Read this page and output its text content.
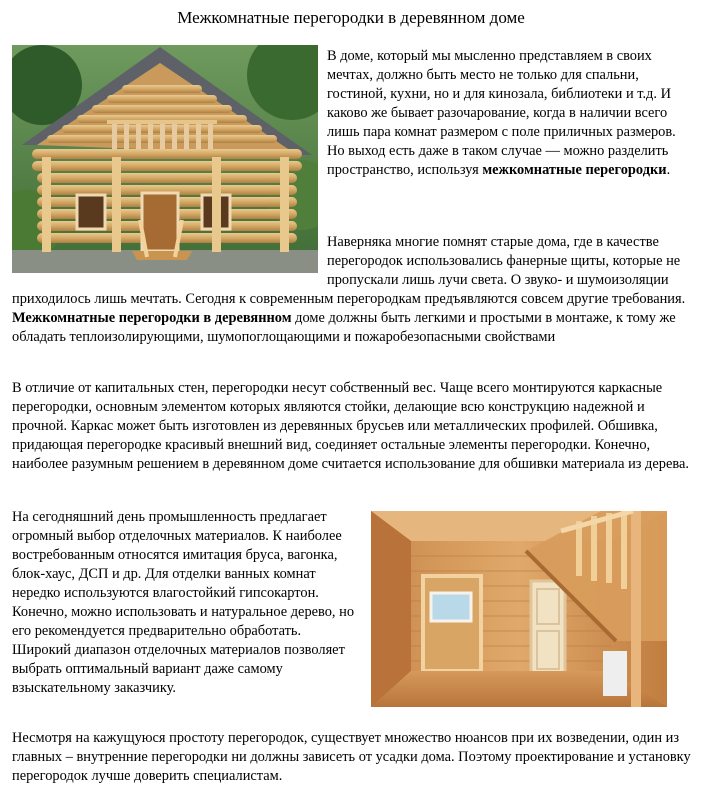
Межкомнатные перегородки в деревянном доме

В доме, который мы мысленно представляем в своих мечтах, должно быть место не только для спальни, гостиной, кухни, но и для кинозала, библиотеки и т.д. И каково же бывает разочарование, когда в наличии всего лишь пара комнат размером с поле приличных размеров. Но выход есть даже в таком случае — можно разделить пространство, используя межкомнатные перегородки.

Наверняка многие помнят старые дома, где в качестве перегородок использовались фанерные щиты, которые не пропускали лишь лучи света. О звуко- и шумоизоляции приходилось лишь мечтать. Сегодня к современным перегородкам предъявляются совсем другие требования. Межкомнатные перегородки в деревянном доме должны быть легкими и простыми в монтаже, к тому же обладать теплоизолирующими, шумопоглощающими и пожаробезопасными свойствами

В отличие от капитальных стен, перегородки несут собственный вес. Чаще всего монтируются каркасные перегородки, основным элементом которых являются стойки, делающие всю конструкцию надежной и прочной. Каркас может быть изготовлен из деревянных брусьев или металлических профилей. Обшивка, придающая перегородке красивый внешний вид, соединяет остальные элементы перегородки. Конечно, наиболее разумным решением в деревянном доме считается использование для обшивки материала из дерева.

На сегодняшний день промышленность предлагает огромный выбор отделочных материалов. К наиболее востребованным относятся имитация бруса, вагонка, блок-хаус, ДСП и др. Для отделки ванных комнат нередко используются влагостойкий гипсокартон. Конечно, можно использовать и натуральное дерево, но его рекомендуется предварительно обработать. Широкий диапазон отделочных материалов позволяет выбрать оптимальный вариант даже самому взыскательному заказчику.

Несмотря на кажущуюся простоту перегородок, существует множество нюансов при их возведении, один из главных – внутренние перегородки ни должны зависеть от усадки дома. Поэтому проектирование и установку перегородок лучше доверить специалистам.
